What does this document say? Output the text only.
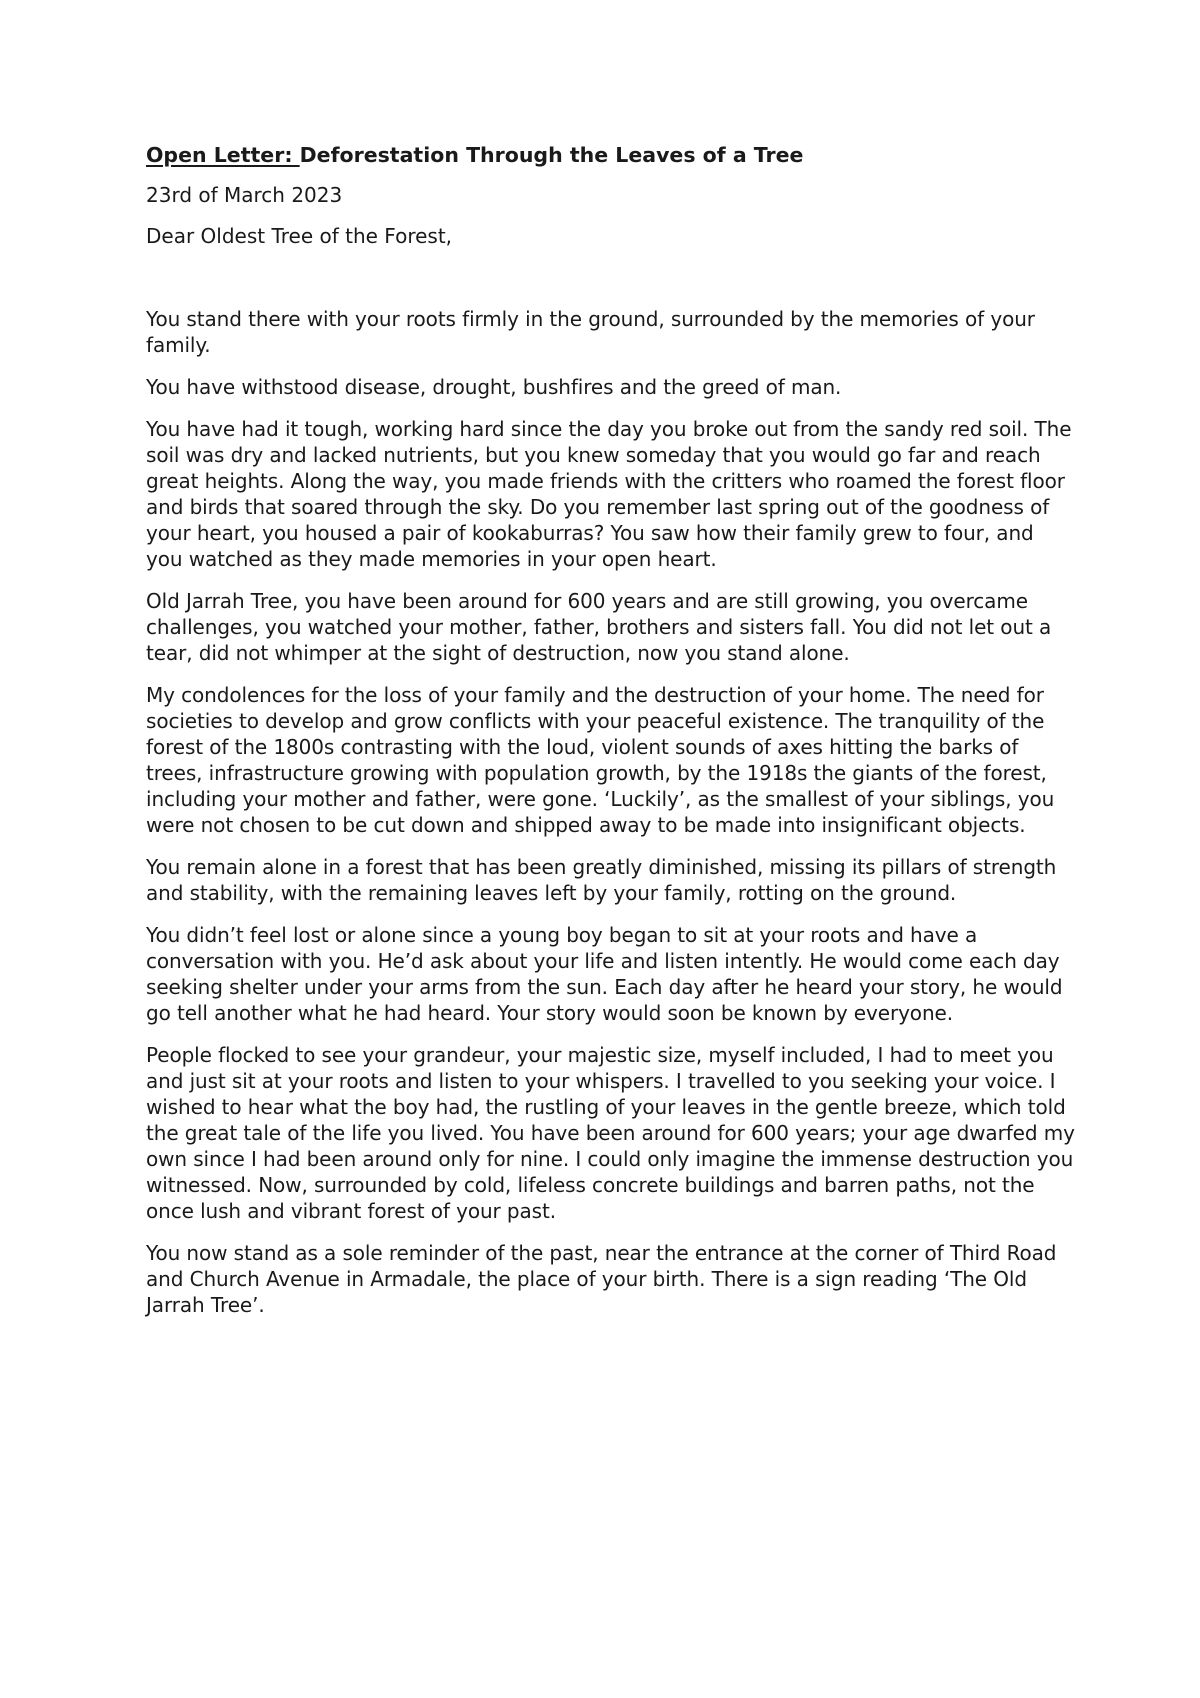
Open Letter: Deforestation Through the Leaves of a Tree

23rd of March 2023

Dear Oldest Tree of the Forest,

You stand there with your roots firmly in the ground, surrounded by the memories of your family.

You have withstood disease, drought, bushfires and the greed of man.

You have had it tough, working hard since the day you broke out from the sandy red soil. The soil was dry and lacked nutrients, but you knew someday that you would go far and reach great heights. Along the way, you made friends with the critters who roamed the forest floor and birds that soared through the sky. Do you remember last spring out of the goodness of your heart, you housed a pair of kookaburras? You saw how their family grew to four, and you watched as they made memories in your open heart.

Old Jarrah Tree, you have been around for 600 years and are still growing, you overcame challenges, you watched your mother, father, brothers and sisters fall. You did not let out a tear, did not whimper at the sight of destruction, now you stand alone.

My condolences for the loss of your family and the destruction of your home. The need for societies to develop and grow conflicts with your peaceful existence. The tranquility of the forest of the 1800s contrasting with the loud, violent sounds of axes hitting the barks of trees, infrastructure growing with population growth, by the 1918s the giants of the forest, including your mother and father, were gone. ‘Luckily’, as the smallest of your siblings, you were not chosen to be cut down and shipped away to be made into insignificant objects.

You remain alone in a forest that has been greatly diminished, missing its pillars of strength and stability, with the remaining leaves left by your family, rotting on the ground.

You didn’t feel lost or alone since a young boy began to sit at your roots and have a conversation with you. He’d ask about your life and listen intently. He would come each day seeking shelter under your arms from the sun. Each day after he heard your story, he would go tell another what he had heard. Your story would soon be known by everyone.

People flocked to see your grandeur, your majestic size, myself included, I had to meet you and just sit at your roots and listen to your whispers. I travelled to you seeking your voice. I wished to hear what the boy had, the rustling of your leaves in the gentle breeze, which told the great tale of the life you lived. You have been around for 600 years; your age dwarfed my own since I had been around only for nine. I could only imagine the immense destruction you witnessed. Now, surrounded by cold, lifeless concrete buildings and barren paths, not the once lush and vibrant forest of your past.

You now stand as a sole reminder of the past, near the entrance at the corner of Third Road and Church Avenue in Armadale, the place of your birth. There is a sign reading ‘The Old Jarrah Tree’.
